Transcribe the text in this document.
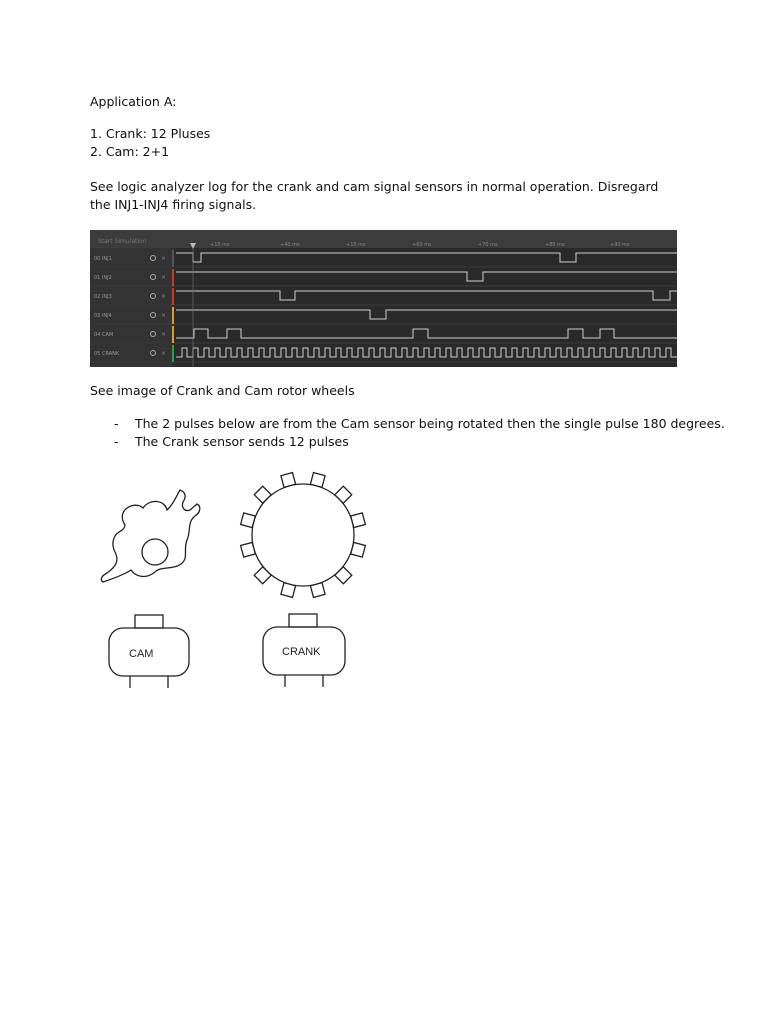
Application A:
1. Crank: 12 Pluses
2. Cam: 2+1
See logic analyzer log for the crank and cam signal sensors in normal operation. Disregard the INJ1-INJ4 firing signals.
Start Simulation	+10 ms	+40 ms	+10 ms	+60 ms	+70 ms	+80 ms	+90 ms
00 INJ1	×
01 INJ2	×
02 INJ3	×
03 INJ4	×
04 CAM	×
05 CRANK	×
See image of Crank and Cam rotor wheels
- The 2 pulses below are from the Cam sensor being rotated then the single pulse 180 degrees.
- The Crank sensor sends 12 pulses
CAM	CRANK
